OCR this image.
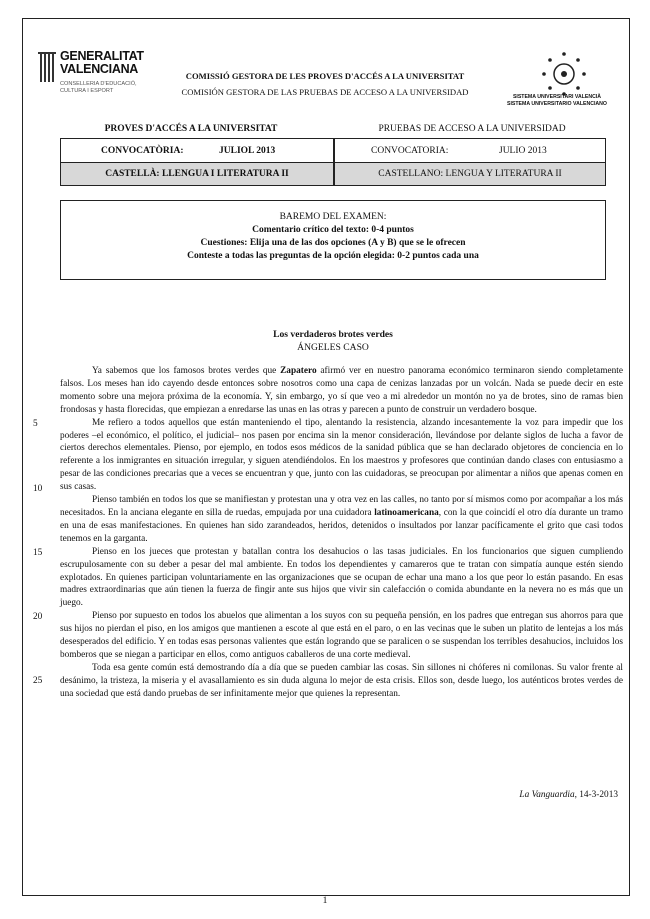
GENERALITAT VALENCIANA
CONSELLERIA D'EDUCACIÓ, CULTURA I ESPORT
COMISSIÓ GESTORA DE LES PROVES D'ACCÉS A LA UNIVERSITAT
COMISIÓN GESTORA DE LAS PRUEBAS DE ACCESO A LA UNIVERSIDAD	SISTEMA UNIVERSITARI VALENCIÀ
SISTEMA UNIVERSITARIO VALENCIANO
PROVES D'ACCÉS A LA UNIVERSITAT	PRUEBAS DE ACCESO A LA UNIVERSIDAD
CONVOCATÒRIA:	JULIOL 2013	CONVOCATORIA:	JULIO 2013
CASTELLÀ: LLENGUA I LITERATURA II	CASTELLANO: LENGUA Y LITERATURA II
BAREMO DEL EXAMEN:
Comentario crítico del texto: 0-4 puntos
Cuestiones: Elija una de las dos opciones (A y B) que se le ofrecen
Conteste a todas las preguntas de la opción elegida: 0-2 puntos cada una
Los verdaderos brotes verdes
ÁNGELES CASO

Ya sabemos que los famosos brotes verdes que Zapatero afirmó ver en nuestro panorama económico terminaron siendo completamente falsos. Los meses han ido cayendo desde entonces sobre nosotros como una capa de cenizas lanzadas por un volcán. Nada se puede decir en este momento sobre una mejora próxima de la economía. Y, sin embargo, yo sí que veo a mi alrededor un montón no ya de brotes, sino de ramas bien frondosas y hasta florecidas, que empiezan a enredarse las unas en las otras y parecen a punto de construir un verdadero bosque.

Me refiero a todos aquellos que están manteniendo el tipo, alentando la resistencia, alzando incesantemente la voz para impedir que los poderes –el económico, el político, el judicial– nos pasen por encima sin la menor consideración, llevándose por delante siglos de lucha a favor de ciertos derechos elementales. Pienso, por ejemplo, en todos esos médicos de la sanidad pública que se han declarado objetores de conciencia en lo referente a los inmigrantes en situación irregular, y siguen atendiéndolos. En los maestros y profesores que continúan dando clases con entusiasmo a pesar de las condiciones precarias que a veces se encuentran y que, junto con las cuidadoras, se preocupan por alimentar a niños que apenas comen en sus casas.

Pienso también en todos los que se manifiestan y protestan una y otra vez en las calles, no tanto por sí mismos como por acompañar a los más necesitados. En la anciana elegante en silla de ruedas, empujada por una cuidadora latinoamericana, con la que coincidí el otro día durante un tramo en una de esas manifestaciones. En quienes han sido zarandeados, heridos, detenidos o insultados por lanzar pacíficamente el grito que casi todos tenemos en la garganta.

Pienso en los jueces que protestan y batallan contra los desahucios o las tasas judiciales. En los funcionarios que siguen cumpliendo escrupulosamente con su deber a pesar del mal ambiente. En todos los dependientes y camareros que te tratan con simpatía aunque estén siendo explotados. En quienes participan voluntariamente en las organizaciones que se ocupan de echar una mano a los que peor lo están pasando. En esas madres extraordinarias que aún tienen la fuerza de fingir ante sus hijos que vivir sin calefacción o comida abundante en la nevera no es más que un juego.

Pienso por supuesto en todos los abuelos que alimentan a los suyos con su pequeña pensión, en los padres que entregan sus ahorros para que sus hijos no pierdan el piso, en los amigos que mantienen a escote al que está en el paro, o en las vecinas que le suben un platito de lentejas a los más desesperados del edificio. Y en todas esas personas valientes que están logrando que se paralicen o se suspendan los terribles desahucios, incluidos los bomberos que se niegan a participar en ellos, como antiguos caballeros de una corte medieval.

Toda esa gente común está demostrando día a día que se pueden cambiar las cosas. Sin sillones ni chóferes ni comilonas. Su valor frente al desánimo, la tristeza, la miseria y el avasallamiento es sin duda alguna lo mejor de esta crisis. Ellos son, desde luego, los auténticos brotes verdes de una sociedad que está dando pruebas de ser infinitamente mejor que quienes la representan.

5
10
15
20
25
La Vanguardia, 14-3-2013
1
